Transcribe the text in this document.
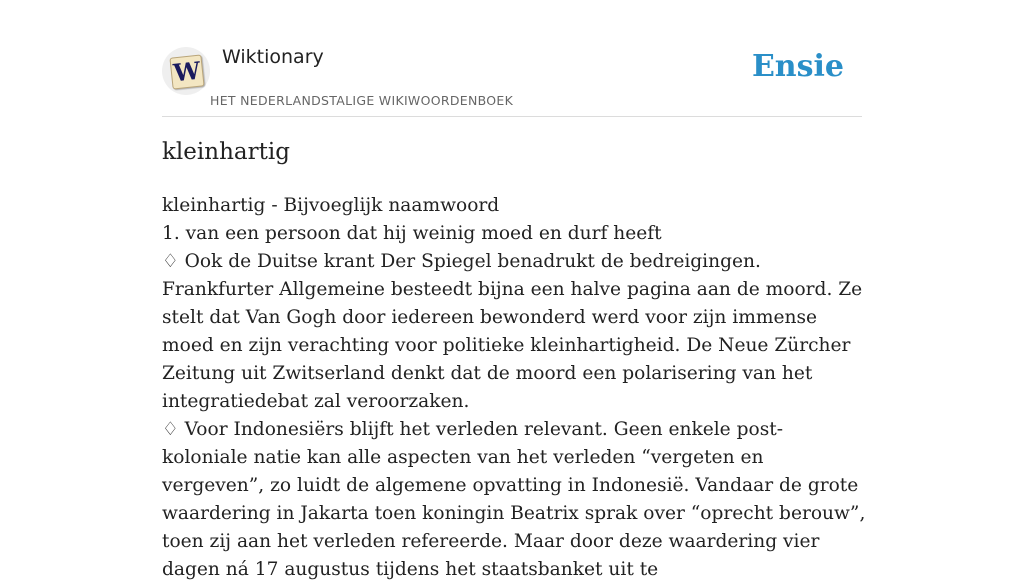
W Wiktionary
HET NEDERLANDSTALIGE WIKIWOORDENBOEK
Ensie
kleinhartig

kleinhartig - Bijvoeglijk naamwoord

1. van een persoon dat hij weinig moed en durf heeft

♢ Ook de Duitse krant Der Spiegel benadrukt de bedreigingen. Frankfurter Allgemeine besteedt bijna een halve pagina aan de moord. Ze stelt dat Van Gogh door iedereen bewonderd werd voor zijn immense moed en zijn verachting voor politieke kleinhartigheid. De Neue Zürcher Zeitung uit Zwitserland denkt dat de moord een polarisering van het integratiedebat zal veroorzaken.

♢ Voor Indonesiërs blijft het verleden relevant. Geen enkele post-koloniale natie kan alle aspecten van het verleden “vergeten en vergeven”, zo luidt de algemene opvatting in Indonesië. Vandaar de grote waardering in Jakarta toen koningin Beatrix sprak over “oprecht berouw”, toen zij aan het verleden refereerde. Maar door deze waardering vier dagen ná 17 augustus tijdens het staatsbanket uit te
